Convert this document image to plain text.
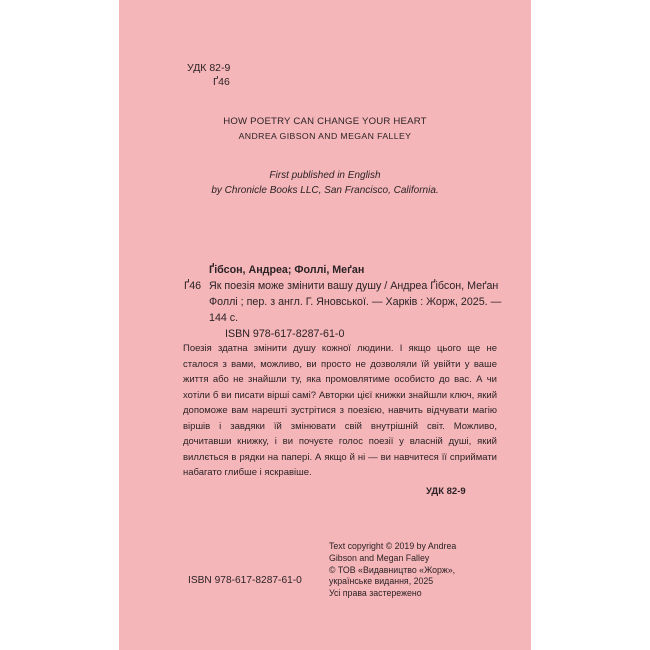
УДК 82-9
Ґ46
HOW POETRY CAN CHANGE YOUR HEART
ANDREA GIBSON AND MEGAN FALLEY
First published in English
by Chronicle Books LLC, San Francisco, California.
Ґібсон, Андреа; Фоллі, Меґан
Ґ46 Як поезія може змінити вашу душу / Андреа Ґібсон, Меґан Фоллі ; пер. з англ. Г. Яновської. — Харків : Жорж, 2025. — 144 с.
ISBN 978-617-8287-61-0

Поезія здатна змінити душу кожної людини. І якщо цього ще не сталося з вами, можливо, ви просто не дозволяли їй увійти у ваше життя або не знайшли ту, яка промовлятиме особисто до вас. А чи хотіли б ви писати вірші самі? Авторки цієї книжки знайшли ключ, який допоможе вам нарешті зустрітися з поезією, навчить відчувати магію віршів і завдяки їй змінювати свій внутрішній світ. Можливо, дочитавши книжку, і ви почуєте голос поезії у власній душі, який виллється в рядки на папері. А якщо й ні — ви навчитеся її сприймати набагато глибше і яскравіше.

УДК 82-9
ISBN 978-617-8287-61-0
Text copyright © 2019 by Andrea
Gibson and Megan Falley
© ТОВ «Видавництво «Жорж»,
українське видання, 2025
Усі права застережено
